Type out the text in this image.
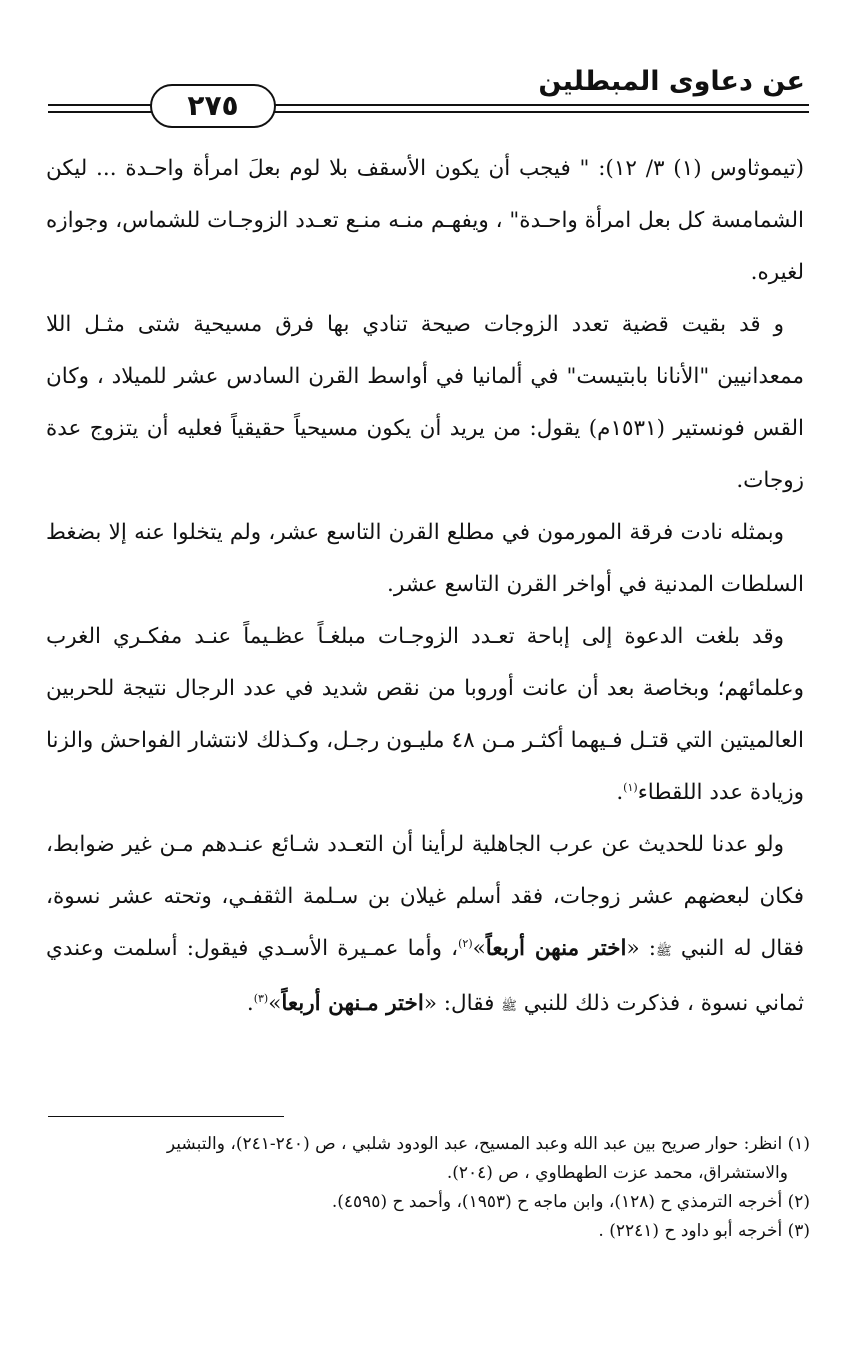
عن دعاوى المبطلين
٢٧٥

(تيموثاوس (١) ٣/ ١٢): " فيجب أن يكون الأسقف بلا لوم بعلَ امرأة واحـدة ... ليكن الشمامسة كل بعل امرأة واحـدة" ، ويفهـم منـه منـع تعـدد الزوجـات للشماس، وجوازه لغيره.

و قد بقيت قضية تعدد الزوجات صيحة تنادي بها فرق مسيحية شتى مثـل اللا ممعدانيين "الأنانا بابتيست" في ألمانيا في أواسط القرن السادس عشر للميلاد ، وكان القس فونستير (١٥٣١م) يقول: من يريد أن يكون مسيحياً حقيقياً فعليه أن يتزوج عدة زوجات.

وبمثله نادت فرقة المورمون في مطلع القرن التاسع عشر، ولم يتخلوا عنه إلا بضغط السلطات المدنية في أواخر القرن التاسع عشر.

وقد بلغت الدعوة إلى إباحة تعـدد الزوجـات مبلغـاً عظـيماً عنـد مفكـري الغرب وعلمائهم؛ وبخاصة بعد أن عانت أوروبا من نقص شديد في عدد الرجال نتيجة للحربين العالميتين التي قتـل فـيهما أكثـر مـن ٤٨ مليـون رجـل، وكـذلك لانتشار الفواحش والزنا وزيادة عدد اللقطاء$^{(١)}$.

ولو عدنا للحديث عن عرب الجاهلية لرأينا أن التعـدد شـائع عنـدهم مـن غير ضوابط، فكان لبعضهم عشر زوجات، فقد أسلم غيلان بن سـلمة الثقفـي، وتحته عشر نسوة، فقال له النبي ﷺ: «اختر منهن أربعاً»$^{(٢)}$، وأما عمـيرة الأسـدي فيقول: أسلمت وعندي ثماني نسوة ، فذكرت ذلك للنبي ﷺ فقال: «اختر مـنهن أربعاً»$^{(٣)}$.

(١) انظر: حوار صريح بين عبد الله وعبد المسيح، عبد الودود شلبي ، ص (٢٤٠-٢٤١)، والتبشير
والاستشراق، محمد عزت الطهطاوي ، ص (٢٠٤).
(٢) أخرجه الترمذي ح (١٢٨)، وابن ماجه ح (١٩٥٣)، وأحمد ح (٤٥٩٥).
(٣) أخرجه أبو داود ح (٢٢٤١) .
